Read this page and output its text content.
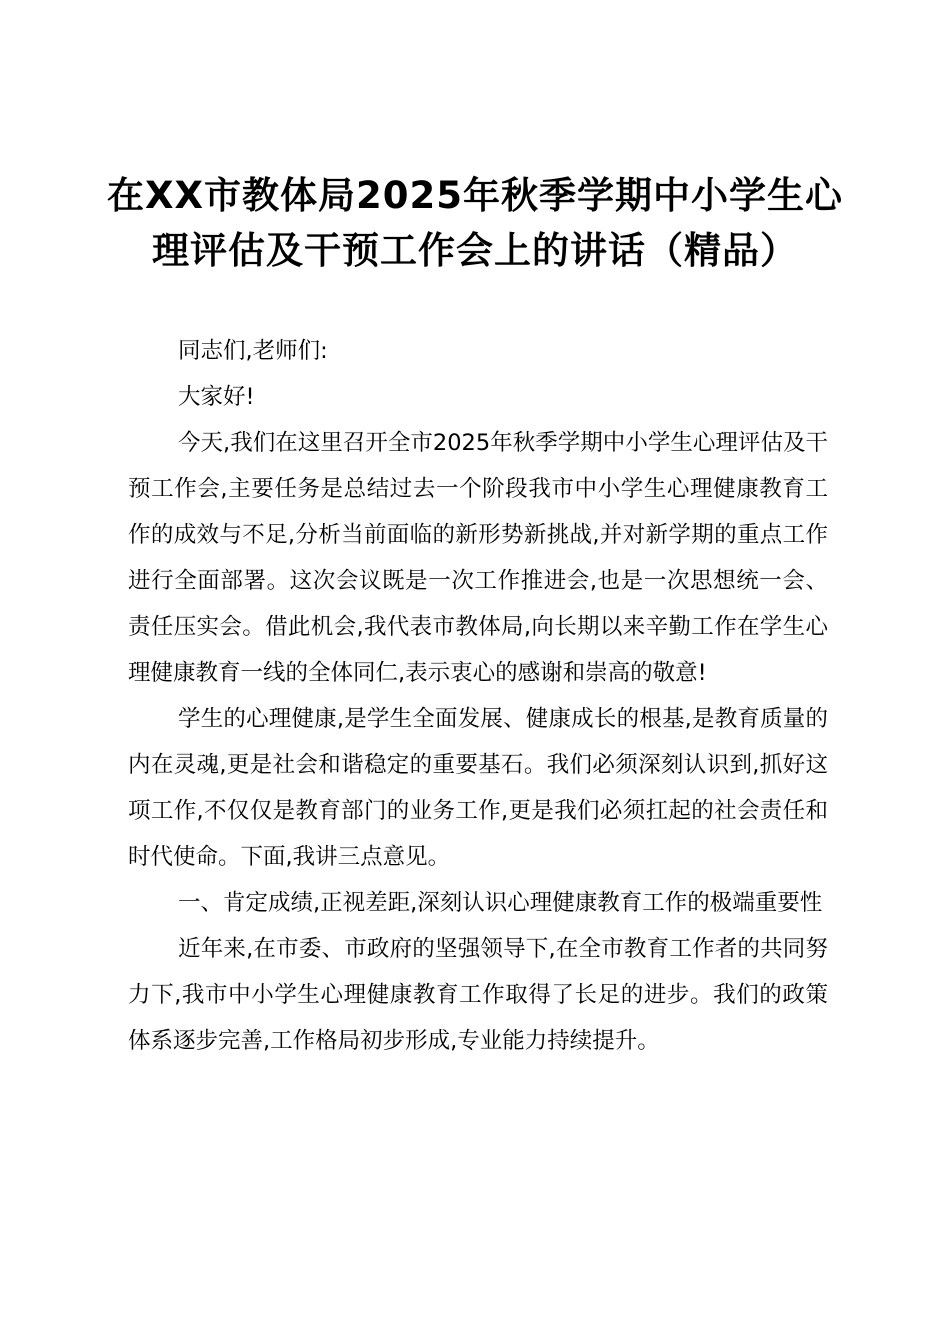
在XX市教体局2025年秋季学期中小学生心理评估及干预工作会上的讲话（精品）

同志们,老师们:

大家好!

今天,我们在这里召开全市2025年秋季学期中小学生心理评估及干预工作会,主要任务是总结过去一个阶段我市中小学生心理健康教育工作的成效与不足,分析当前面临的新形势新挑战,并对新学期的重点工作进行全面部署。这次会议既是一次工作推进会,也是一次思想统一会、责任压实会。借此机会,我代表市教体局,向长期以来辛勤工作在学生心理健康教育一线的全体同仁,表示衷心的感谢和崇高的敬意!

学生的心理健康,是学生全面发展、健康成长的根基,是教育质量的内在灵魂,更是社会和谐稳定的重要基石。我们必须深刻认识到,抓好这项工作,不仅仅是教育部门的业务工作,更是我们必须扛起的社会责任和时代使命。下面,我讲三点意见。

一、肯定成绩,正视差距,深刻认识心理健康教育工作的极端重要性

近年来,在市委、市政府的坚强领导下,在全市教育工作者的共同努力下,我市中小学生心理健康教育工作取得了长足的进步。我们的政策体系逐步完善,工作格局初步形成,专业能力持续提升。
